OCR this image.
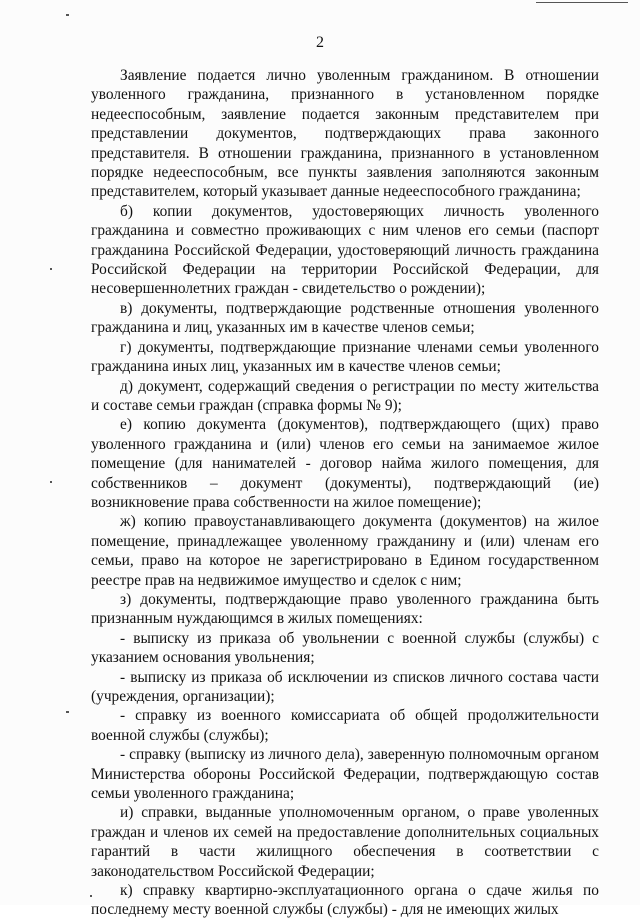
2

Заявление подается лично уволенным гражданином. В отношении уволенного гражданина, признанного в установленном порядке недееспособным, заявление подается законным представителем при представлении документов, подтверждающих права законного представителя. В отношении гражданина, признанного в установленном порядке недееспособным, все пункты заявления заполняются законным представителем, который указывает данные недееспособного гражданина;

б) копии документов, удостоверяющих личность уволенного гражданина и совместно проживающих с ним членов его семьи (паспорт гражданина Российской Федерации, удостоверяющий личность гражданина Российской Федерации на территории Российской Федерации, для несовершеннолетних граждан - свидетельство о рождении);

в) документы, подтверждающие родственные отношения уволенного гражданина и лиц, указанных им в качестве членов семьи;

г) документы, подтверждающие признание членами семьи уволенного гражданина иных лиц, указанных им в качестве членов семьи;

д) документ, содержащий сведения о регистрации по месту жительства и составе семьи граждан (справка формы № 9);

е) копию документа (документов), подтверждающего (щих) право уволенного гражданина и (или) членов его семьи на занимаемое жилое помещение (для нанимателей - договор найма жилого помещения, для собственников – документ (документы), подтверждающий (ие) возникновение права собственности на жилое помещение);

ж) копию правоустанавливающего документа (документов) на жилое помещение, принадлежащее уволенному гражданину и (или) членам его семьи, право на которое не зарегистрировано в Едином государственном реестре прав на недвижимое имущество и сделок с ним;

з) документы, подтверждающие право уволенного гражданина быть признанным нуждающимся в жилых помещениях:

- выписку из приказа об увольнении с военной службы (службы) с указанием основания увольнения;

- выписку из приказа об исключении из списков личного состава части (учреждения, организации);

- справку из военного комиссариата об общей продолжительности военной службы (службы);

- справку (выписку из личного дела), заверенную полномочным органом Министерства обороны Российской Федерации, подтверждающую состав семьи уволенного гражданина;

и) справки, выданные уполномоченным органом, о праве уволенных граждан и членов их семей на предоставление дополнительных социальных гарантий в части жилищного обеспечения в соответствии с законодательством Российской Федерации;

к) справку квартирно-эксплуатационного органа о сдаче жилья по последнему месту военной службы (службы) - для не имеющих жилых
